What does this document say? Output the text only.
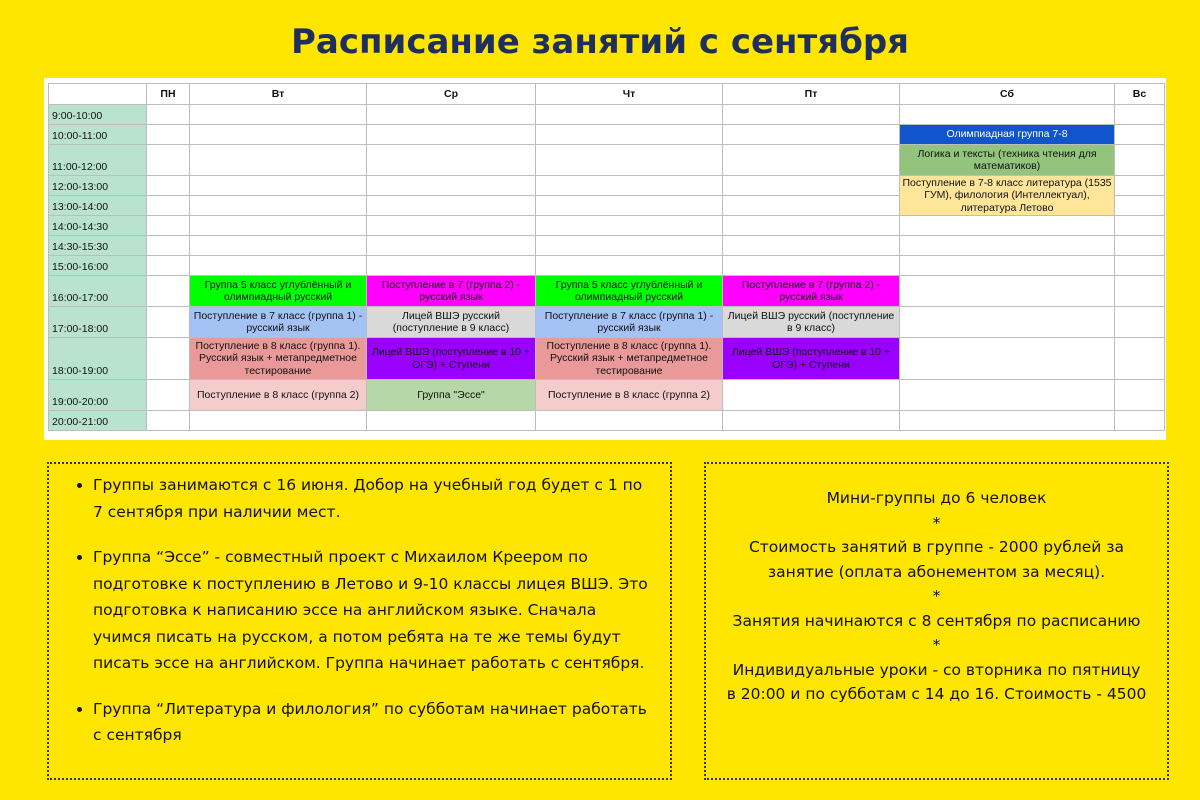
Расписание занятий с сентября
	ПН	Вт	Ср	Чт	Пт	Сб	Вс
9:00-10:00							
10:00-11:00						Олимпиадная группа 7-8	
11:00-12:00						Логика и тексты (техника чтения для математиков)	
12:00-13:00						Поступление в 7-8 класс литература (1535 ГУМ), филология (Интеллектуал), литература Летово	
13:00-14:00							
14:00-14:30							
14:30-15:30							
15:00-16:00							
16:00-17:00		Группа 5 класс углублённый и олимпиадный русский	Поступление в 7 (группа 2) - русский язык	Группа 5 класс углублённый и олимпиадный русский	Поступление в 7 (группа 2) - русский язык		
17:00-18:00		Поступление в 7 класс (группа 1) - русский язык	Лицей ВШЭ русский (поступление в 9 класс)	Поступление в 7 класс (группа 1) - русский язык	Лицей ВШЭ русский (поступление в 9 класс)		
18:00-19:00		Поступление в 8 класс (группа 1). Русский язык + метапредметное тестирование	Лицей ВШЭ (поступление в 10 + ОГЭ) + Ступени	Поступление в 8 класс (группа 1). Русский язык + метапредметное тестирование	Лицей ВШЭ (поступление в 10 + ОГЭ) + Ступени		
19:00-20:00		Поступление в 8 класс (группа 2)	Группа "Эссе"	Поступление в 8 класс (группа 2)			
20:00-21:00							
• Группы занимаются с 16 июня. Добор на учебный год будет с 1 по 7 сентября при наличии мест.
• Группа “Эссе” - совместный проект с Михаилом Креером по подготовке к поступлению в Летово и 9-10 классы лицея ВШЭ. Это подготовка к написанию эссе на английском языке. Сначала учимся писать на русском, а потом ребята на те же темы будут писать эссе на английском. Группа начинает работать с сентября.
• Группа “Литература и филология” по субботам начинает работать с сентября
Мини-группы до 6 человек
*
Стоимость занятий в группе - 2000 рублей за занятие (оплата абонементом за месяц).
*
Занятия начинаются с 8 сентября по расписанию
*
Индивидуальные уроки - со вторника по пятницу в 20:00 и по субботам с 14 до 16. Стоимость - 4500
